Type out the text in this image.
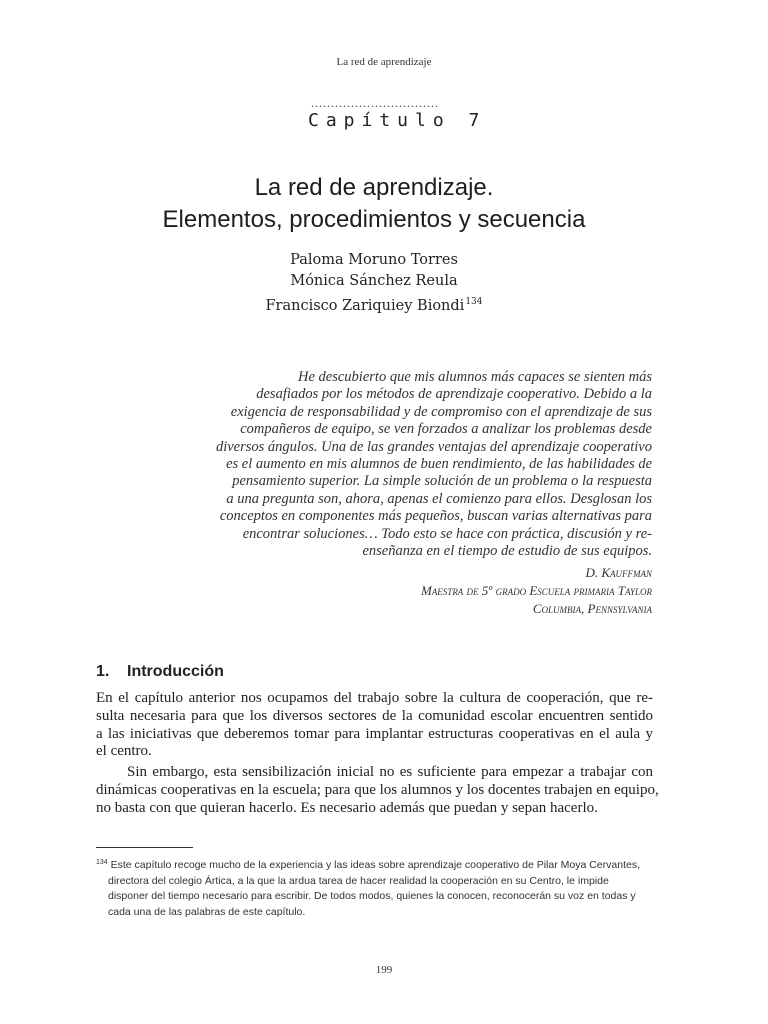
La red de aprendizaje
................................
Capítulo 7
La red de aprendizaje.
Elementos, procedimientos y secuencia
Paloma Moruno Torres
Mónica Sánchez Reula
Francisco Zariquiey Biondi$^{134}$
He descubierto que mis alumnos más capaces se sienten más
desafiados por los métodos de aprendizaje cooperativo. Debido a la
exigencia de responsabilidad y de compromiso con el aprendizaje de sus
compañeros de equipo, se ven forzados a analizar los problemas desde
diversos ángulos. Una de las grandes ventajas del aprendizaje cooperativo
es el aumento en mis alumnos de buen rendimiento, de las habilidades de
pensamiento superior. La simple solución de un problema o la respuesta
a una pregunta son, ahora, apenas el comienzo para ellos. Desglosan los
conceptos en componentes más pequeños, buscan varias alternativas para
encontrar soluciones… Todo esto se hace con práctica, discusión y re-
enseñanza en el tiempo de estudio de sus equipos.
D. Kauffman
Maestra de 5º grado Escuela primaria Taylor
Columbia, Pennsylvania
1. Introducción
En el capítulo anterior nos ocupamos del trabajo sobre la cultura de cooperación, que re-
sulta necesaria para que los diversos sectores de la comunidad escolar encuentren sentido
a las iniciativas que deberemos tomar para implantar estructuras cooperativas en el aula y
el centro.
Sin embargo, esta sensibilización inicial no es suficiente para empezar a trabajar con
dinámicas cooperativas en la escuela; para que los alumnos y los docentes trabajen en equipo,
no basta con que quieran hacerlo. Es necesario además que puedan y sepan hacerlo.
$^{134}$ Este capítulo recoge mucho de la experiencia y las ideas sobre aprendizaje cooperativo de Pilar Moya Cervantes,
directora del colegio Ártica, a la que la ardua tarea de hacer realidad la cooperación en su Centro, le impide
disponer del tiempo necesario para escribir. De todos modos, quienes la conocen, reconocerán su voz en todas y
cada una de las palabras de este capítulo.
199
